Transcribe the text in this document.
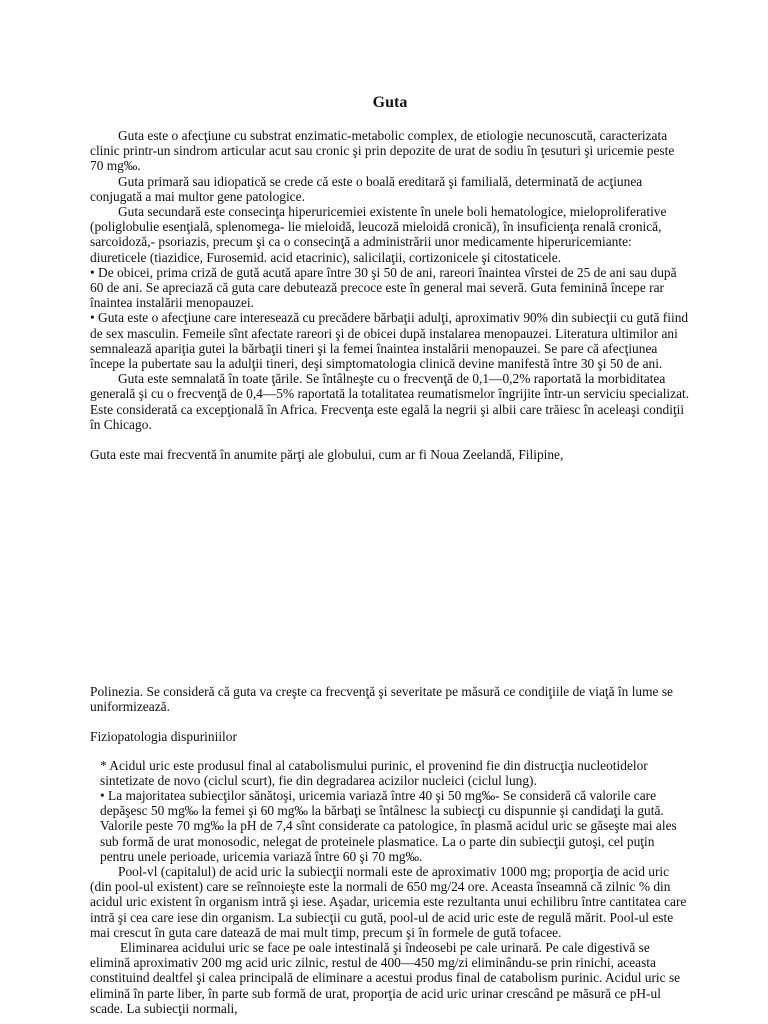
Guta

Guta este o afecţiune cu substrat enzimatic-metabolic complex, de etiologie necunoscută, caracterizata clinic printr-un sindrom articular acut sau cronic şi prin depozite de urat de sodiu în ţesuturi şi uricemie peste 70 mg‰.

Guta primară sau idiopatică se crede că este o boală ereditară şi familială, determinată de acţiunea conjugată a mai multor gene patologice.

Guta secundară este consecinţa hiperuricemiei existente în unele boli hematologice, mieloproliferative (poliglobulie esenţială, splenomega- lie mieloidă, leucoză mieloidă cronică), în insuficienţa renală cronică, sarcoidoză,- psoriazis, precum şi ca o consecinţă a administrării unor medicamente hiperuricemiante: diureticele (tiazidice, Furosemid. acid etacrinic), salicilaţii, cortizonicele şi citostaticele.

• De obicei, prima criză de gută acută apare între 30 şi 50 de ani, rareori înaintea vîrstei de 25 de ani sau după 60 de ani. Se apreciază că guta care debutează precoce este în general mai severă. Guta feminină începe rar înaintea instalării menopauzei.

• Guta este o afecţiune care interesează cu precădere bărbaţii adulţi, aproximativ 90% din subiecţii cu gută fiind de sex masculin. Femeile sînt afectate rareori şi de obicei după instalarea menopauzei. Literatura ultimilor ani semnalează apariţia gutei la bărbaţii tineri şi la femei înaintea instalării menopauzei. Se pare că afecţiunea începe la pubertate sau la adulţii tineri, deşi simptomatologia clinică devine manifestă între 30 şi 50 de ani.

Guta este semnalată în toate ţările. Se întâlneşte cu o frecvenţă de 0,1—0,2% raportată la morbiditatea generală şi cu o frecvenţă de 0,4—5% raportată la totalitatea reumatismelor îngrijite într-un serviciu specializat. Este considerată ca excepţională în Africa. Frecvenţa este egală la negrii şi albii care trăiesc în aceleaşi condiţii în Chicago.

Guta este mai frecventă în anumite părţi ale globului, cum ar fi Noua Zeelandă, Filipine,

Polinezia. Se consideră că guta va creşte ca frecvenţă şi severitate pe măsură ce condiţiile de viaţă în lume se uniformizează.

Fiziopatologia dispuriniilor

* Acidul uric este produsul final al catabolismului purinic, el provenind fie din distrucţia nucleotidelor sintetizate de novo (ciclul scurt), fie din degradarea acizilor nucleici (ciclul lung).

• La majoritatea subiecţilor sănătoşi, uricemia variază între 40 şi 50 mg‰- Se consideră că valorile care depăşesc 50 mg‰ la femei şi 60 mg‰ la bărbaţi se întâlnesc la subiecţi cu dispunnie şi candidaţi la gută. Valorile peste 70 mg‰ la pH de 7,4 sînt considerate ca patologice, în plasmă acidul uric se găseşte mai ales sub formă de urat monosodic, nelegat de proteinele plasmatice. La o parte din subiecţii gutoşi, cel puţin pentru unele perioade, uricemia variază între 60 şi 70 mg‰.

Pool-vl (capitalul) de acid uric la subiecţii normali este de aproximativ 1000 mg; proporţia de acid uric (din pool-ul existent) care se reînnoieşte este la normali de 650 mg/24 ore. Aceasta înseamnă că zilnic % din acidul uric existent în organism intră şi iese. Aşadar, uricemia este rezultanta unui echilibru între cantitatea care intră şi cea care iese din organism. La subiecţii cu gută, pool-ul de acid uric este de regulă mărit. Pool-ul este mai crescut în guta care datează de mai mult timp, precum şi în formele de gută tofacee.

Eliminarea acidului uric se face pe oale intestinală şi îndeosebi pe cale urinară. Pe cale digestivă se elimină aproximativ 200 mg acid uric zilnic, restul de 400—450 mg/zi eliminându-se prin rinichi, aceasta constituind dealtfel şi calea principală de eliminare a acestui produs final de catabolism purinic. Acidul uric se elimină în parte liber, în parte sub formă de urat, proporţia de acid uric urinar crescând pe măsură ce pH-ul scade. La subiecţii normali,
